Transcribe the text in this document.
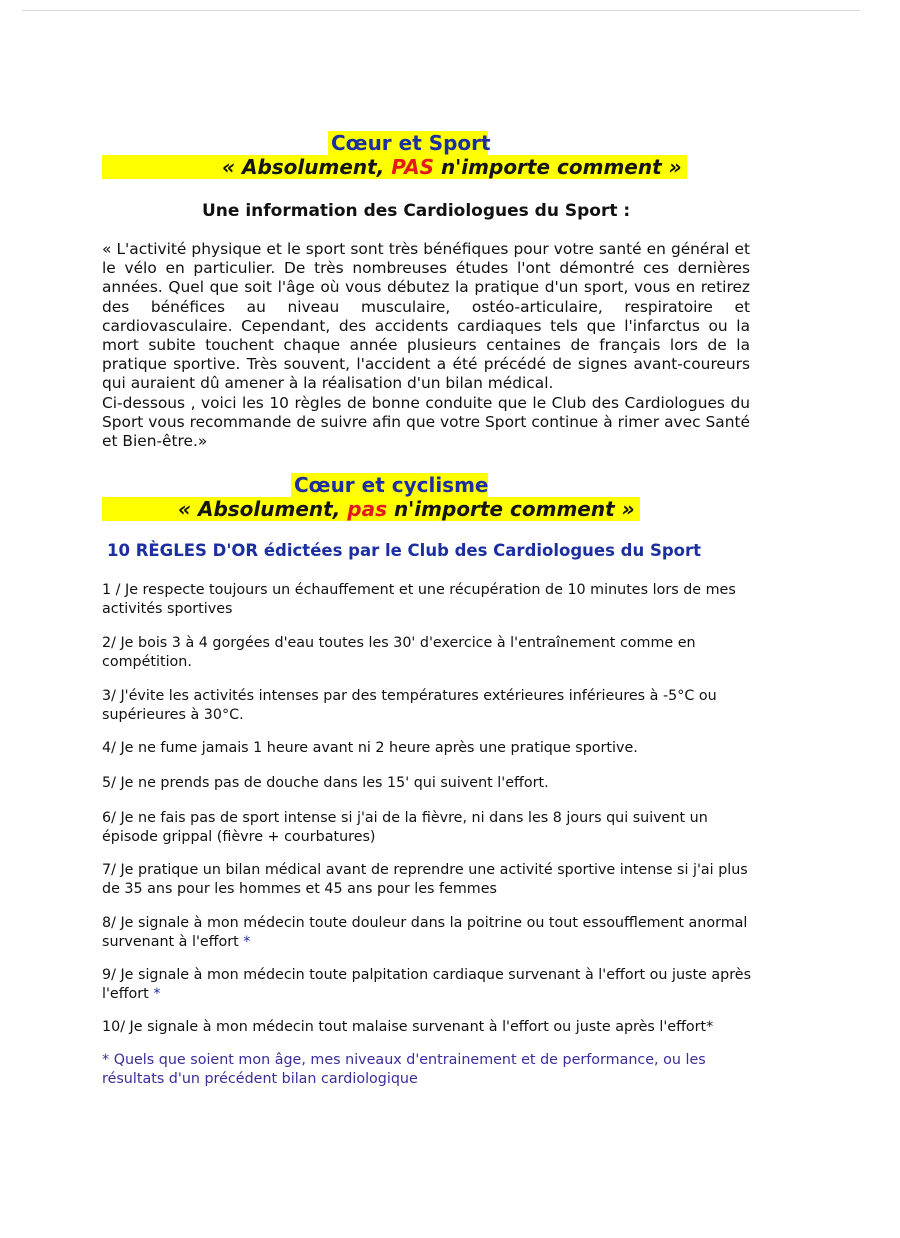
Cœur et Sport
« Absolument, PAS n'importe comment »
Une information des Cardiologues du Sport :

« L'activité physique et le sport sont très bénéfiques pour votre santé en général et le vélo en particulier. De très nombreuses études l'ont démontré ces dernières années. Quel que soit l'âge où vous débutez la pratique d'un sport, vous en retirez des bénéfices au niveau musculaire, ostéo-articulaire, respiratoire et cardiovasculaire. Cependant, des accidents cardiaques tels que l'infarctus ou la mort subite touchent chaque année plusieurs centaines de français lors de la pratique sportive. Très souvent, l'accident a été précédé de signes avant-coureurs qui auraient dû amener à la réalisation d'un bilan médical.

Ci-dessous , voici les 10 règles de bonne conduite que le Club des Cardiologues du Sport vous recommande de suivre afin que votre Sport continue à rimer avec Santé et Bien-être.»

Cœur et cyclisme
« Absolument, pas n'importe comment »
10 RÈGLES D'OR édictées par le Club des Cardiologues du Sport
1 / Je respecte toujours un échauffement et une récupération de 10 minutes lors de mes activités sportives
2/ Je bois 3 à 4 gorgées d'eau toutes les 30' d'exercice à l'entraînement comme en compétition.
3/ J'évite les activités intenses par des températures extérieures inférieures à -5°C ou supérieures à 30°C.
4/ Je ne fume jamais 1 heure avant ni 2 heure après une pratique sportive.
5/ Je ne prends pas de douche dans les 15' qui suivent l'effort.
6/ Je ne fais pas de sport intense si j'ai de la fièvre, ni dans les 8 jours qui suivent un épisode grippal (fièvre + courbatures)
7/ Je pratique un bilan médical avant de reprendre une activité sportive intense si j'ai plus de 35 ans pour les hommes et 45 ans pour les femmes
8/ Je signale à mon médecin toute douleur dans la poitrine ou tout essoufflement anormal survenant à l'effort *
9/ Je signale à mon médecin toute palpitation cardiaque survenant à l'effort ou juste après l'effort *
10/ Je signale à mon médecin tout malaise survenant à l'effort ou juste après l'effort*
* Quels que soient mon âge, mes niveaux d'entrainement et de performance, ou les résultats d'un précédent bilan cardiologique
